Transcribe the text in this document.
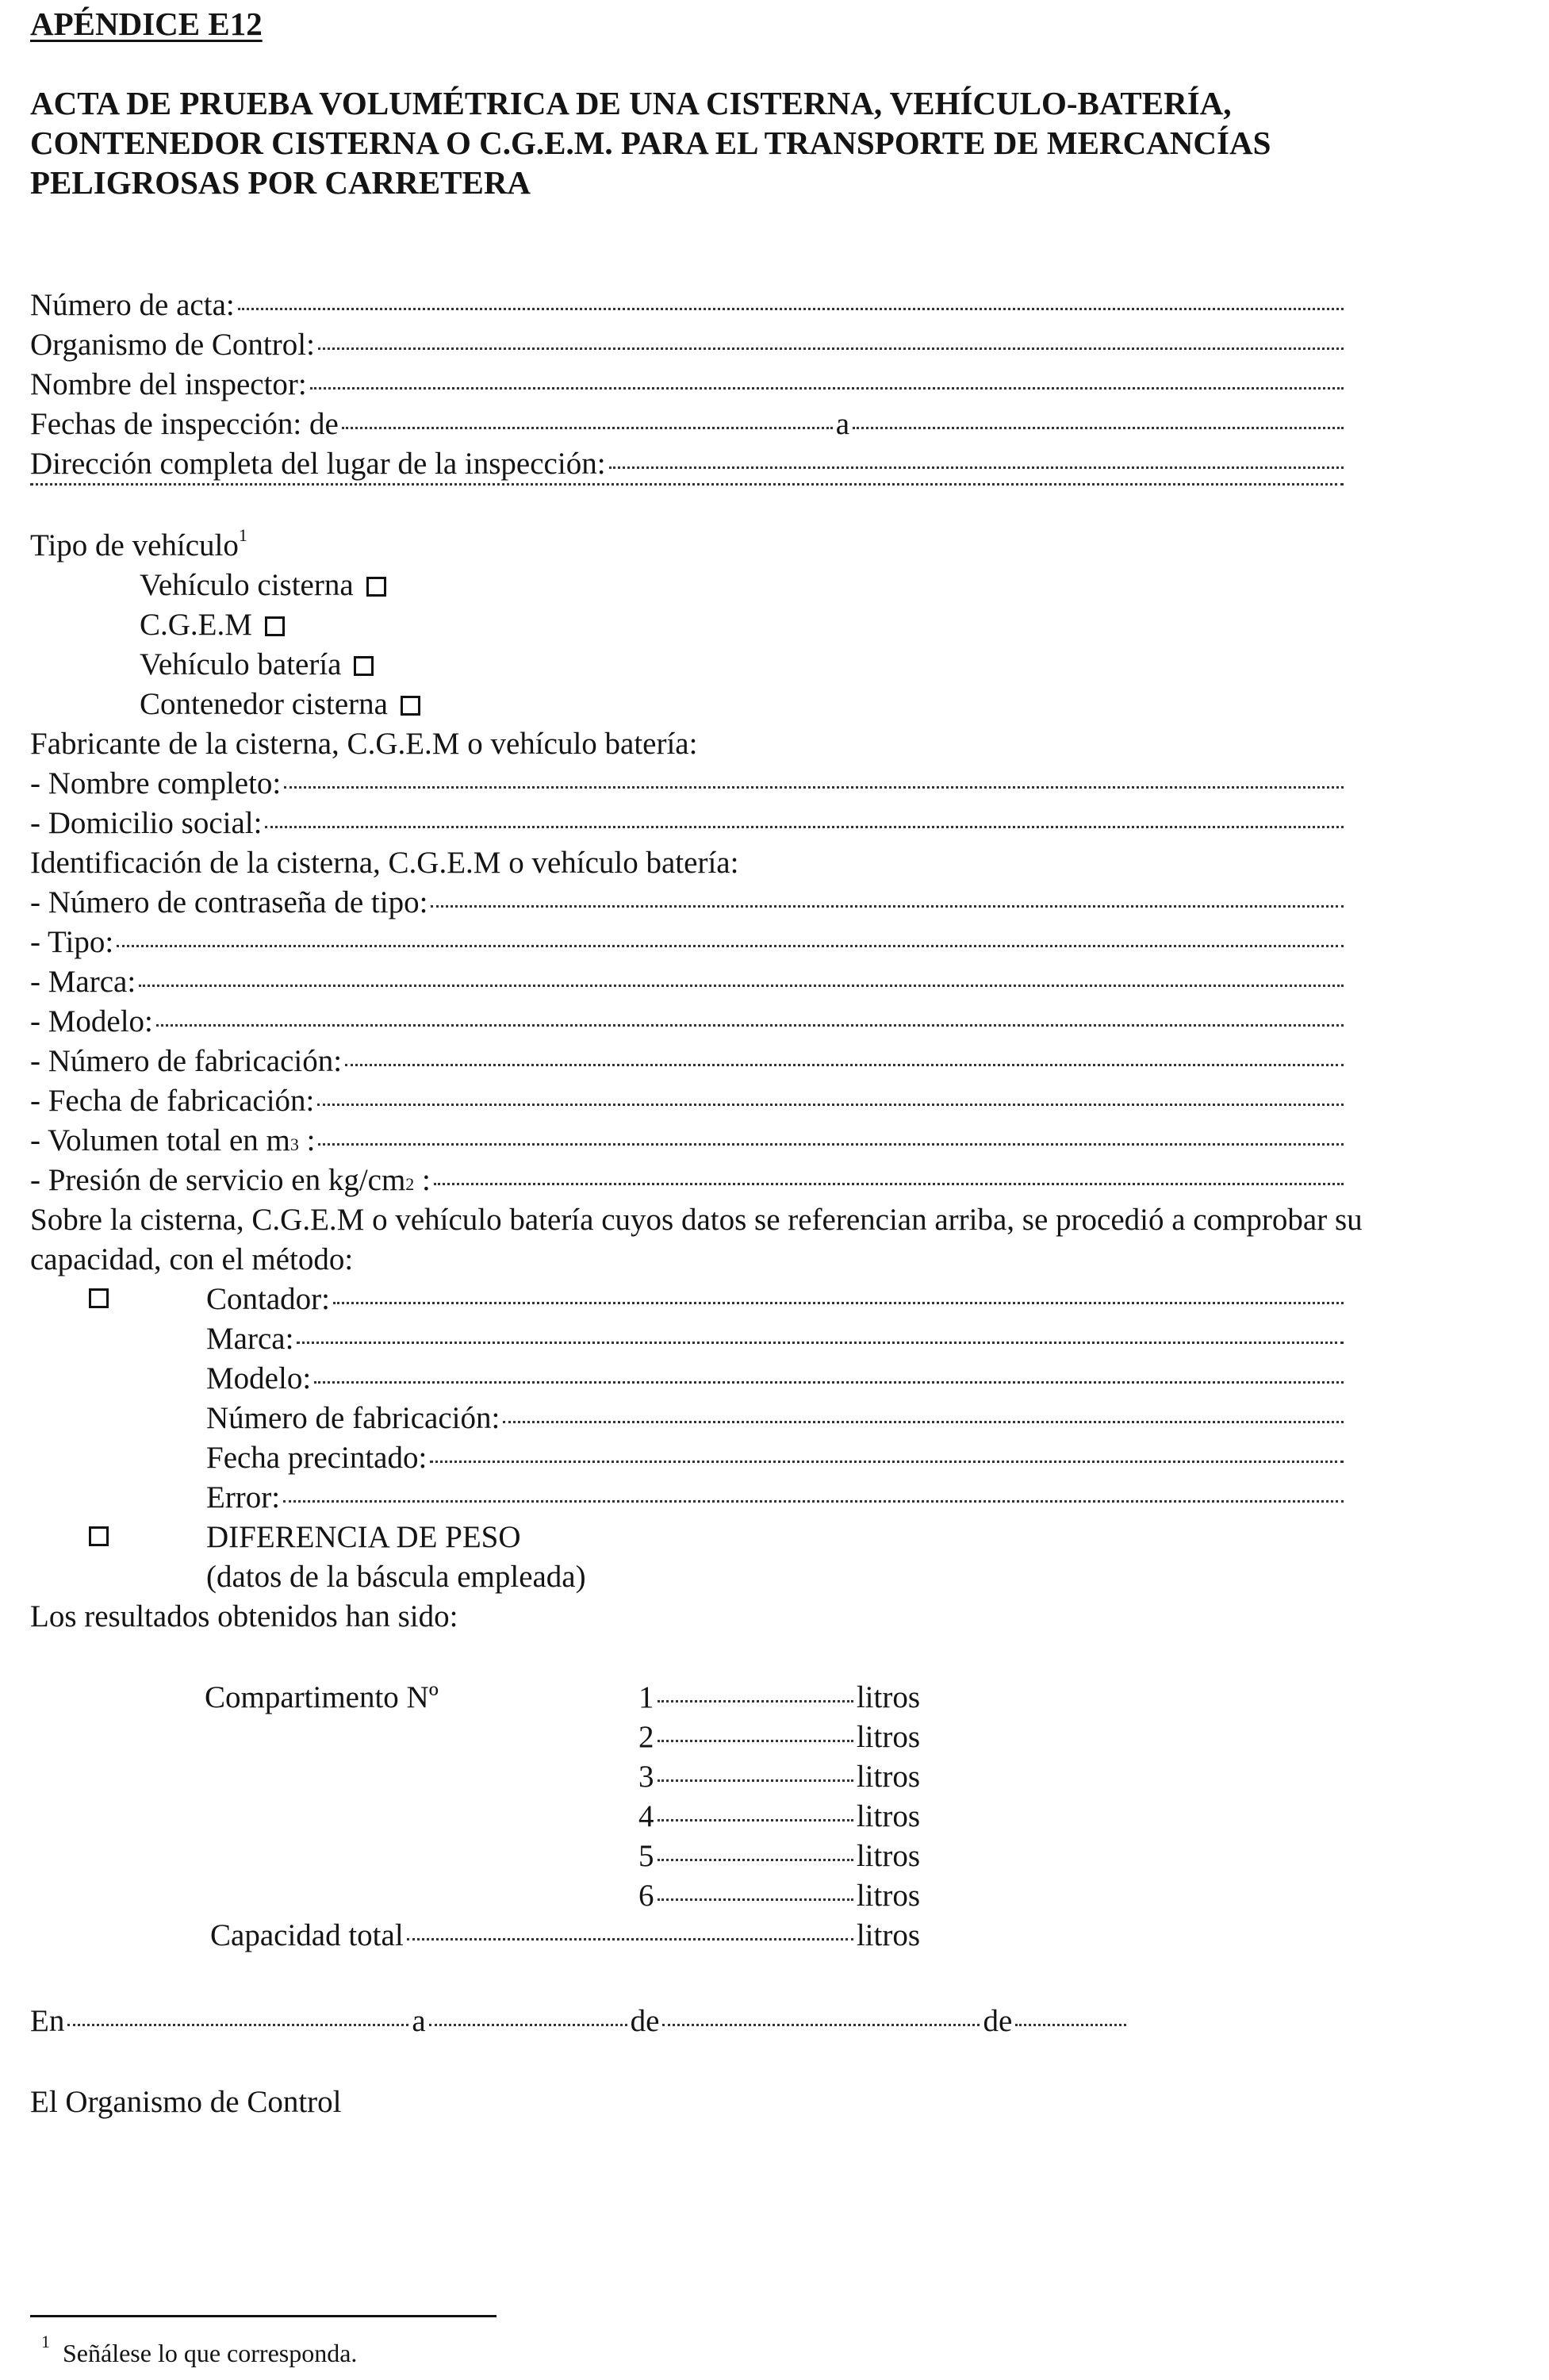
APÉNDICE E12
ACTA DE PRUEBA VOLUMÉTRICA DE UNA CISTERNA, VEHÍCULO-BATERÍA,
CONTENEDOR CISTERNA O C.G.E.M. PARA EL TRANSPORTE DE MERCANCÍAS
PELIGROSAS POR CARRETERA
Número de acta:
Organismo de Control:
Nombre del inspector:
Fechas de inspección: de	a
Dirección completa del lugar de la inspección:
Tipo de vehículo$^1$
Vehículo cisterna
C.G.E.M
Vehículo batería
Contenedor cisterna
Fabricante de la cisterna, C.G.E.M o vehículo batería:
- Nombre completo:
- Domicilio social:
Identificación de la cisterna, C.G.E.M o vehículo batería:
- Número de contraseña de tipo:
- Tipo:
- Marca:
- Modelo:
- Número de fabricación:
- Fecha de fabricación:
- Volumen total en m 3
:
- Presión de servicio en kg/cm 2
:
Sobre la cisterna, C.G.E.M o vehículo batería cuyos datos se referencian arriba, se procedió a comprobar su
capacidad, con el método:
Contador:
Marca:
Modelo:
Número de fabricación:
Fecha precintado:
Error:
DIFERENCIA DE PESO
(datos de la báscula empleada)
Los resultados obtenidos han sido:
Compartimento Nº	1	litros
2	litros
3	litros
4	litros
5	litros
6	litros
Capacidad total	litros
En	a	de	de
El Organismo de Control
$^1$ Señálese lo que corresponda.
